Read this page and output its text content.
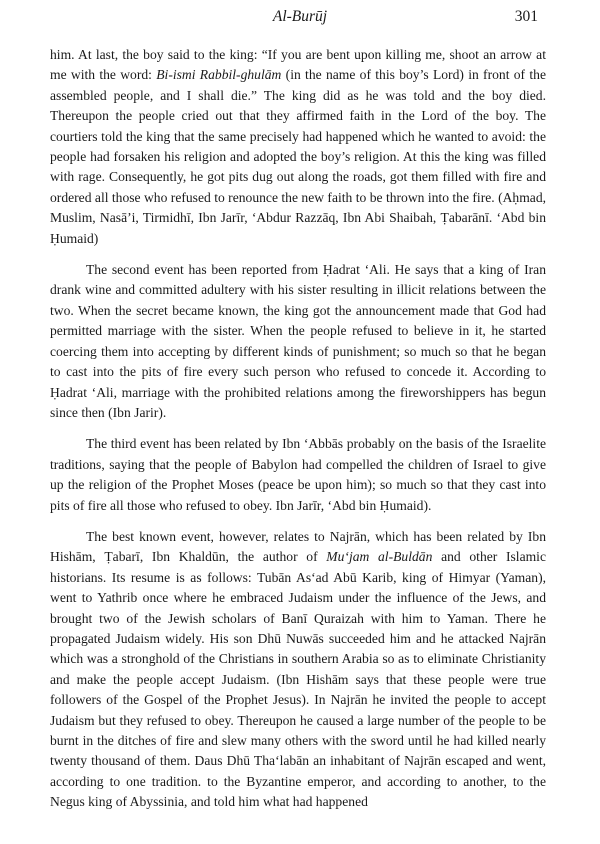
Al-Burūj	301

him. At last, the boy said to the king: “If you are bent upon killing me, shoot an arrow at me with the word: Bi-ismi Rabbil-ghulām (in the name of this boy’s Lord) in front of the assembled people, and I shall die.” The king did as he was told and the boy died. Thereupon the people cried out that they affirmed faith in the Lord of the boy. The courtiers told the king that the same precisely had happened which he wanted to avoid: the people had forsaken his religion and adopted the boy’s religion. At this the king was filled with rage. Consequently, he got pits dug out along the roads, got them filled with fire and ordered all those who refused to renounce the new faith to be thrown into the fire. (Aḥmad, Muslim, Nasā’i, Tirmidhī, Ibn Jarīr, ‘Abdur Razzāq, Ibn Abi Shaibah, Ṭabarānī. ‘Abd bin Ḥumaid)

The second event has been reported from Ḥadrat ‘Ali. He says that a king of Iran drank wine and committed adultery with his sister resulting in illicit relations between the two. When the secret became known, the king got the announcement made that God had permitted marriage with the sister. When the people refused to believe in it, he started coercing them into accepting by different kinds of punishment; so much so that he began to cast into the pits of fire every such person who refused to concede it. According to Ḥadrat ‘Ali, marriage with the prohibited relations among the fireworshippers has begun since then (Ibn Jarir).

The third event has been related by Ibn ‘Abbās probably on the basis of the Israelite traditions, saying that the people of Babylon had compelled the children of Israel to give up the religion of the Prophet Moses (peace be upon him); so much so that they cast into pits of fire all those who refused to obey. Ibn Jarīr, ‘Abd bin Ḥumaid).

The best known event, however, relates to Najrān, which has been related by Ibn Hishām, Ṭabarī, Ibn Khaldūn, the author of Mu‘jam al-Buldān and other Islamic historians. Its resume is as follows: Tubān As‘ad Abū Karib, king of Himyar (Yaman), went to Yathrib once where he embraced Judaism under the influence of the Jews, and brought two of the Jewish scholars of Banī Quraizah with him to Yaman. There he propagated Judaism widely. His son Dhū Nuwās succeeded him and he attacked Najrān which was a stronghold of the Christians in southern Arabia so as to eliminate Christianity and make the people accept Judaism. (Ibn Hishām says that these people were true followers of the Gospel of the Prophet Jesus). In Najrān he invited the people to accept Judaism but they refused to obey. Thereupon he caused a large number of the people to be burnt in the ditches of fire and slew many others with the sword until he had killed nearly twenty thousand of them. Daus Dhū Tha‘labān an inhabitant of Najrān escaped and went, according to one tradition. to the Byzantine emperor, and according to another, to the Negus king of Abyssinia, and told him what had happened
